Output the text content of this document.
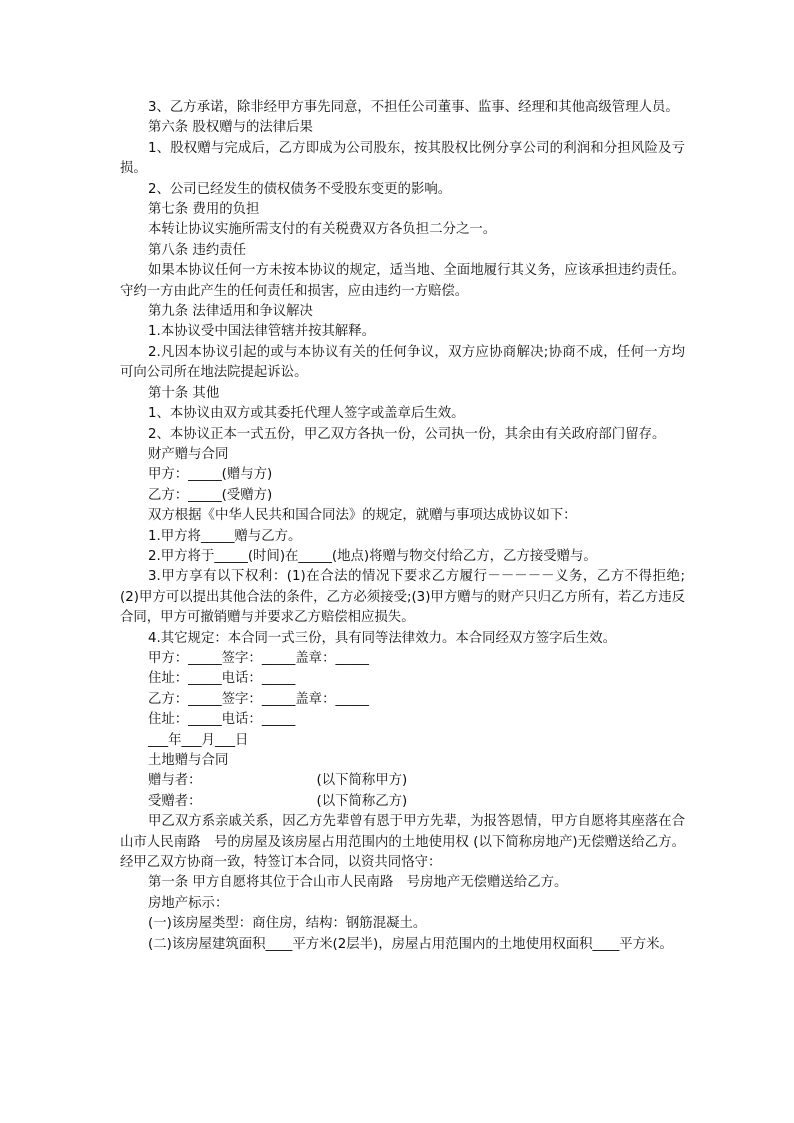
3、乙方承诺，除非经甲方事先同意，不担任公司董事、监事、经理和其他高级管理人员。

第六条 股权赠与的法律后果

1、股权赠与完成后，乙方即成为公司股东，按其股权比例分享公司的利润和分担风险及亏损。

2、公司已经发生的债权债务不受股东变更的影响。

第七条 费用的负担

本转让协议实施所需支付的有关税费双方各负担二分之一。

第八条 违约责任

如果本协议任何一方未按本协议的规定，适当地、全面地履行其义务，应该承担违约责任。守约一方由此产生的任何责任和损害，应由违约一方赔偿。

第九条 法律适用和争议解决

1.本协议受中国法律管辖并按其解释。

2.凡因本协议引起的或与本协议有关的任何争议，双方应协商解决;协商不成，任何一方均可向公司所在地法院提起诉讼。

第十条 其他

1、本协议由双方或其委托代理人签字或盖章后生效。

2、本协议正本一式五份，甲乙双方各执一份，公司执一份，其余由有关政府部门留存。

财产赠与合同

甲方：_____(赠与方)

乙方：_____(受赠方)

双方根据《中华人民共和国合同法》的规定，就赠与事项达成协议如下：

1.甲方将_____赠与乙方。

2.甲方将于_____(时间)在_____(地点)将赠与物交付给乙方，乙方接受赠与。

3.甲方享有以下权利：(1)在合法的情况下要求乙方履行－－－－－义务，乙方不得拒绝;(2)甲方可以提出其他合法的条件，乙方必须接受;(3)甲方赠与的财产只归乙方所有，若乙方违反合同，甲方可撤销赠与并要求乙方赔偿相应损失。

4.其它规定：本合同一式三份，具有同等法律效力。本合同经双方签字后生效。

甲方：_____签字：_____盖章：_____

住址：_____电话：_____

乙方：_____签字：_____盖章：_____

住址：_____电话：_____

___年___月___日

土地赠与合同

赠与者：                           (以下简称甲方)

受赠者：                           (以下简称乙方)

甲乙双方系亲戚关系，因乙方先辈曾有恩于甲方先辈，为报答恩情，甲方自愿将其座落在合山市人民南路　号的房屋及该房屋占用范围内的土地使用权 (以下简称房地产)无偿赠送给乙方。经甲乙双方协商一致，特签订本合同，以资共同恪守：

第一条 甲方自愿将其位于合山市人民南路　号房地产无偿赠送给乙方。

房地产标示：

(一)该房屋类型：商住房，结构：钢筋混凝土。

(二)该房屋建筑面积____平方米(2层半)，房屋占用范围内的土地使用权面积____平方米。
